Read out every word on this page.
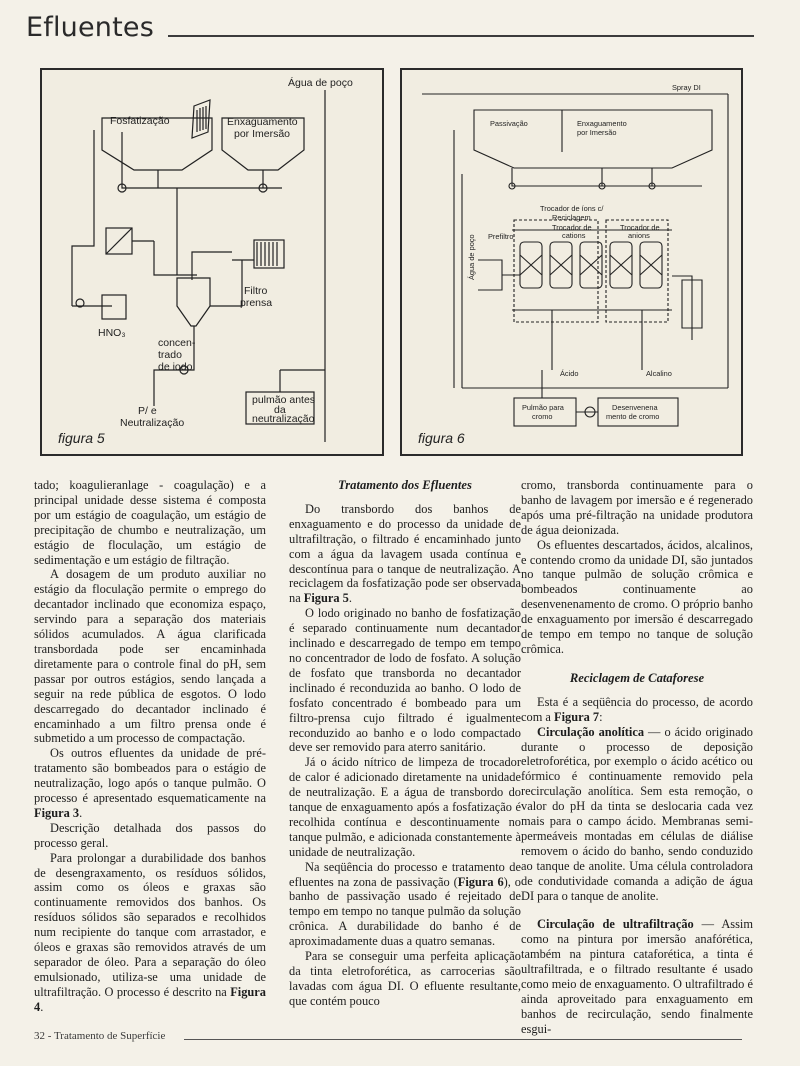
Efluentes
Água de poço
Fosfatização	Enxaguamento
por Imersão
HNO₃
Filtro
prensa
concen-
trado
de iodo
P/ e
Neutralização
pulmão antes
da
neutralização
figura 5
Spray DI
Passivação	Enxaguamento
por Imersão
Trocador de íons c/
Reciclagem
Trocador de
cations
Trocador de
anions
Prefiltro
Água de poço
Ácido	Alcalino
Pulmão para
cromo
Desenvenena
mento de cromo
figura 6

tado; koagulieranlage - coagulação) e a principal unidade desse sistema é composta por um estágio de coagulação, um estágio de precipitação de chumbo e neutralização, um estágio de floculação, um estágio de sedimentação e um estágio de filtração.

A dosagem de um produto auxiliar no estágio da floculação permite o emprego do decantador inclinado que economiza espaço, servindo para a separação dos materiais sólidos acumulados. A água clarificada transbordada pode ser encaminhada diretamente para o controle final do pH, sem passar por outros estágios, sendo lançada a seguir na rede pública de esgotos. O lodo descarregado do decantador inclinado é encaminhado a um filtro prensa onde é submetido a um processo de compactação.

Os outros efluentes da unidade de pré-tratamento são bombeados para o estágio de neutralização, logo após o tanque pulmão. O processo é apresentado esquematicamente na Figura 3.

Descrição detalhada dos passos do processo geral.

Para prolongar a durabilidade dos banhos de desengraxamento, os resíduos sólidos, assim como os óleos e graxas são continuamente removidos dos banhos. Os resíduos sólidos são separados e recolhidos num recipiente do tanque com arrastador, e óleos e graxas são removidos através de um separador de óleo. Para a separação do óleo emulsionado, utiliza-se uma unidade de ultrafiltração. O processo é descrito na Figura 4.

Tratamento dos Efluentes

Do transbordo dos banhos de enxaguamento e do processo da unidade de ultrafiltração, o filtrado é encaminhado junto com a água da lavagem usada contínua e descontínua para o tanque de neutralização. A reciclagem da fosfatização pode ser observada na Figura 5.

O lodo originado no banho de fosfatização é separado continuamente num decantador inclinado e descarregado de tempo em tempo no concentrador de lodo de fosfato. A solução de fosfato que transborda no decantador inclinado é reconduzida ao banho. O lodo de fosfato concentrado é bombeado para um filtro-prensa cujo filtrado é igualmente reconduzido ao banho e o lodo compactado deve ser removido para aterro sanitário.

Já o ácido nítrico de limpeza de trocador de calor é adicionado diretamente na unidade de neutralização. E a água de transbordo do tanque de enxaguamento após a fosfatização é recolhida contínua e descontinuamente no tanque pulmão, e adicionada constantemente à unidade de neutralização.

Na seqüência do processo e tratamento de efluentes na zona de passivação (Figura 6), o banho de passivação usado é rejeitado de tempo em tempo no tanque pulmão da solução crônica. A durabilidade do banho é de aproximadamente duas a quatro semanas.

Para se conseguir uma perfeita aplicação da tinta eletroforética, as carrocerias são lavadas com água DI. O efluente resultante, que contém pouco

cromo, transborda continuamente para o banho de lavagem por imersão e é regenerado após uma pré-filtração na unidade produtora de água deionizada.

Os efluentes descartados, ácidos, alcalinos, e contendo cromo da unidade DI, são juntados no tanque pulmão de solução crômica e bombeados continuamente ao desenvenenamento de cromo. O próprio banho de enxaguamento por imersão é descarregado de tempo em tempo no tanque de solução crômica.

Reciclagem de Cataforese

Esta é a seqüência do processo, de acordo com a Figura 7:

Circulação anolítica — o ácido originado durante o processo de deposição eletroforética, por exemplo o ácido acético ou fórmico é continuamente removido pela recirculação anolítica. Sem esta remoção, o valor do pH da tinta se deslocaria cada vez mais para o campo ácido. Membranas semi-permeáveis montadas em células de diálise removem o ácido do banho, sendo conduzido ao tanque de anolite. Uma célula controladora de condutividade comanda a adição de água DI para o tanque de anolite.

Circulação de ultrafiltração — Assim como na pintura por imersão anafórética, também na pintura cataforética, a tinta é ultrafiltrada, e o filtrado resultante é usado como meio de enxaguamento. O ultrafiltrado é ainda aproveitado para enxaguamento em banhos de recirculação, sendo finalmente esgui-

32 - Tratamento de Superfície
